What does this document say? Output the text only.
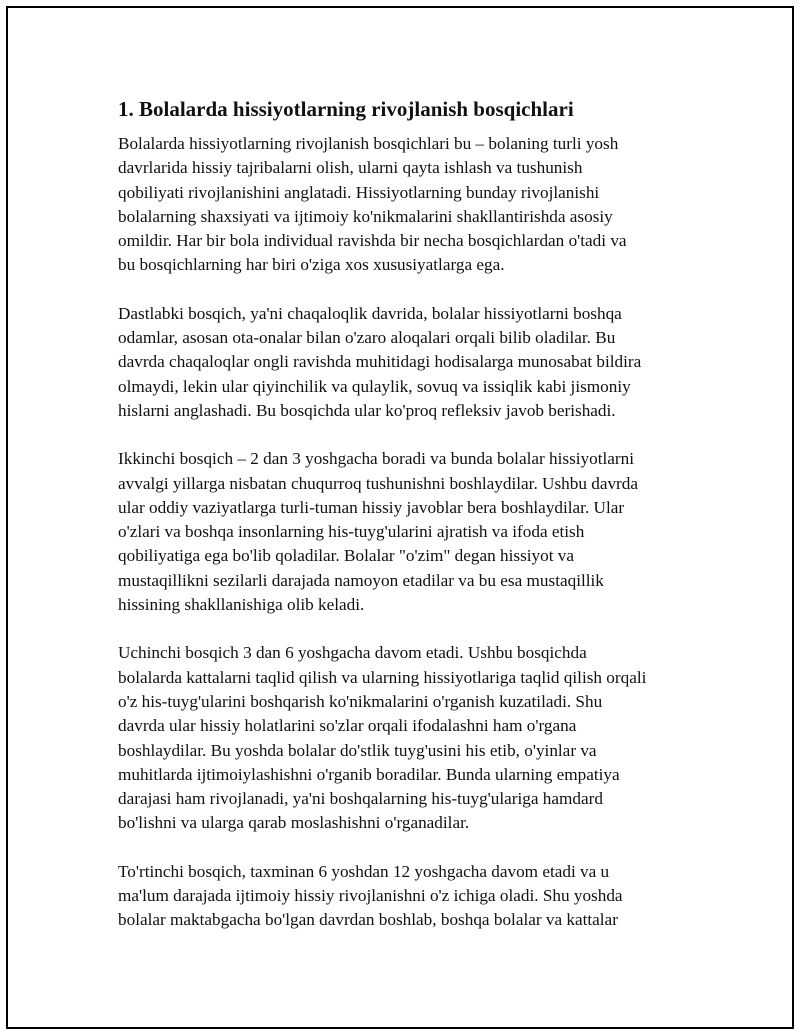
1. Bolalarda hissiyotlarning rivojlanish bosqichlari
Bolalarda hissiyotlarning rivojlanish bosqichlari bu – bolaning turli yosh
davrlarida hissiy tajribalarni olish, ularni qayta ishlash va tushunish
qobiliyati rivojlanishini anglatadi. Hissiyotlarning bunday rivojlanishi
bolalarning shaxsiyati va ijtimoiy ko'nikmalarini shakllantirishda asosiy
omildir. Har bir bola individual ravishda bir necha bosqichlardan o'tadi va
bu bosqichlarning har biri o'ziga xos xususiyatlarga ega.
Dastlabki bosqich, ya'ni chaqaloqlik davrida, bolalar hissiyotlarni boshqa
odamlar, asosan ota-onalar bilan o'zaro aloqalari orqali bilib oladilar. Bu
davrda chaqaloqlar ongli ravishda muhitidagi hodisalarga munosabat bildira
olmaydi, lekin ular qiyinchilik va qulaylik, sovuq va issiqlik kabi jismoniy
hislarni anglashadi. Bu bosqichda ular ko'proq refleksiv javob berishadi.
Ikkinchi bosqich – 2 dan 3 yoshgacha boradi va bunda bolalar hissiyotlarni
avvalgi yillarga nisbatan chuqurroq tushunishni boshlaydilar. Ushbu davrda
ular oddiy vaziyatlarga turli-tuman hissiy javoblar bera boshlaydilar. Ular
o'zlari va boshqa insonlarning his-tuyg'ularini ajratish va ifoda etish
qobiliyatiga ega bo'lib qoladilar. Bolalar "o'zim" degan hissiyot va
mustaqillikni sezilarli darajada namoyon etadilar va bu esa mustaqillik
hissining shakllanishiga olib keladi.
Uchinchi bosqich 3 dan 6 yoshgacha davom etadi. Ushbu bosqichda
bolalarda kattalarni taqlid qilish va ularning hissiyotlariga taqlid qilish orqali
o'z his-tuyg'ularini boshqarish ko'nikmalarini o'rganish kuzatiladi. Shu
davrda ular hissiy holatlarini so'zlar orqali ifodalashni ham o'rgana
boshlaydilar. Bu yoshda bolalar do'stlik tuyg'usini his etib, o'yinlar va
muhitlarda ijtimoiylashishni o'rganib boradilar. Bunda ularning empatiya
darajasi ham rivojlanadi, ya'ni boshqalarning his-tuyg'ulariga hamdard
bo'lishni va ularga qarab moslashishni o'rganadilar.
To'rtinchi bosqich, taxminan 6 yoshdan 12 yoshgacha davom etadi va u
ma'lum darajada ijtimoiy hissiy rivojlanishni o'z ichiga oladi. Shu yoshda
bolalar maktabgacha bo'lgan davrdan boshlab, boshqa bolalar va kattalar
